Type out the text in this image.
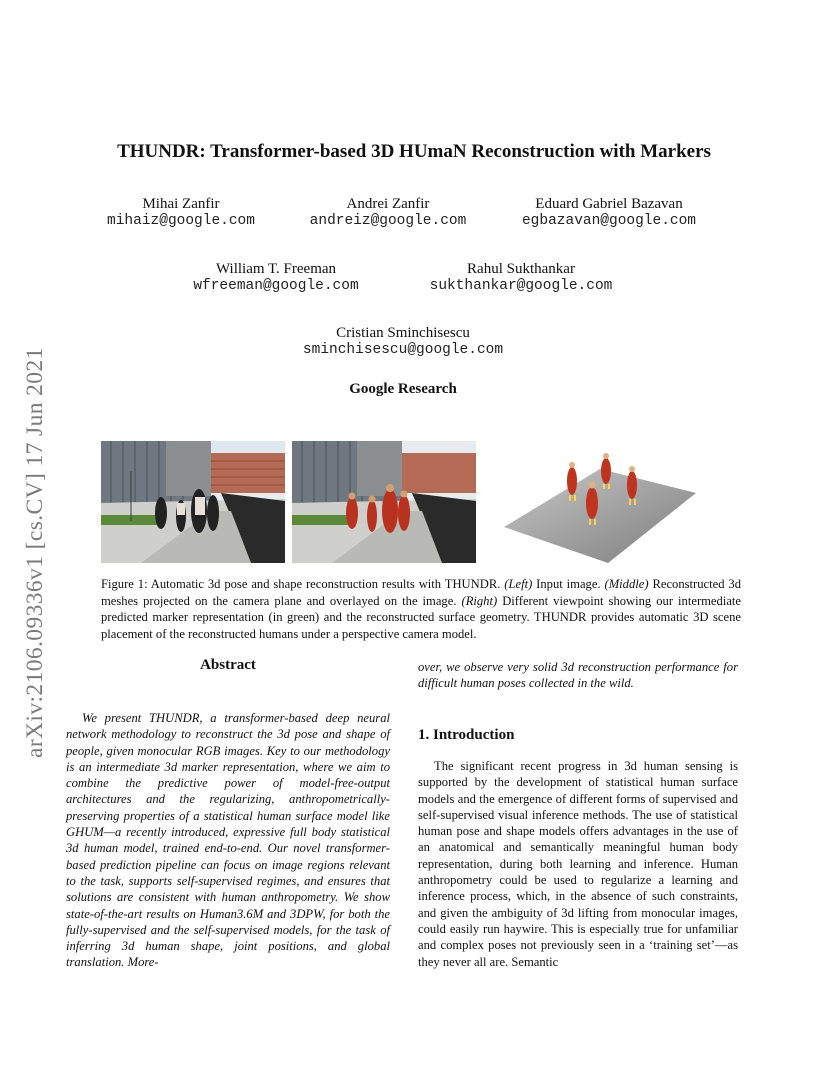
arXiv:2106.09336v1 [cs.CV] 17 Jun 2021
THUNDR: Transformer-based 3D HUmaN Reconstruction with Markers
Mihai Zanfir
mihaiz@google.com
Andrei Zanfir
andreiz@google.com
Eduard Gabriel Bazavan
egbazavan@google.com
William T. Freeman
wfreeman@google.com
Rahul Sukthankar
sukthankar@google.com
Cristian Sminchisescu
sminchisescu@google.com
Google Research
Figure 1: Automatic 3d pose and shape reconstruction results with THUNDR. (Left) Input image. (Middle) Reconstructed 3d meshes projected on the camera plane and overlayed on the image. (Right) Different viewpoint showing our intermediate predicted marker representation (in green) and the reconstructed surface geometry. THUNDR provides automatic 3D scene placement of the reconstructed humans under a perspective camera model.
Abstract
We present THUNDR, a transformer-based deep neural network methodology to reconstruct the 3d pose and shape of people, given monocular RGB images. Key to our methodology is an intermediate 3d marker representation, where we aim to combine the predictive power of model-free-output architectures and the regularizing, anthropometrically-preserving properties of a statistical human surface model like GHUM—a recently introduced, expressive full body statistical 3d human model, trained end-to-end. Our novel transformer-based prediction pipeline can focus on image regions relevant to the task, supports self-supervised regimes, and ensures that solutions are consistent with human anthropometry. We show state-of-the-art results on Human3.6M and 3DPW, for both the fully-supervised and the self-supervised models, for the task of inferring 3d human shape, joint positions, and global translation. More-
over, we observe very solid 3d reconstruction performance for difficult human poses collected in the wild.
1. Introduction
The significant recent progress in 3d human sensing is supported by the development of statistical human surface models and the emergence of different forms of supervised and self-supervised visual inference methods. The use of statistical human pose and shape models offers advantages in the use of an anatomical and semantically meaningful human body representation, during both learning and inference. Human anthropometry could be used to regularize a learning and inference process, which, in the absence of such constraints, and given the ambiguity of 3d lifting from monocular images, could easily run haywire. This is especially true for unfamiliar and complex poses not previously seen in a ‘training set’—as they never all are. Semantic
